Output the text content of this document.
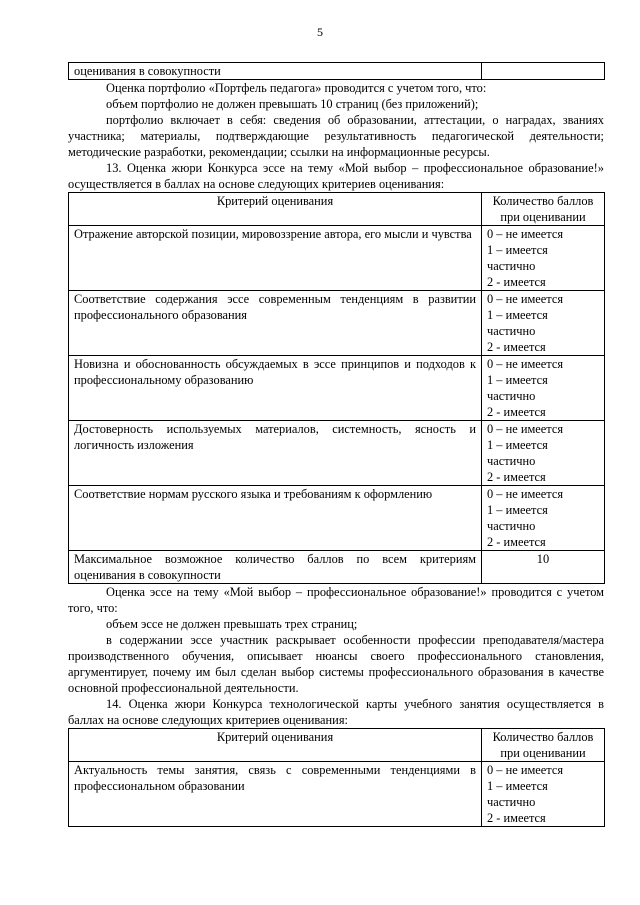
5
оценивания в совокупности	

Оценка портфолио «Портфель педагога» проводится с учетом того, что:

объем портфолио не должен превышать 10 страниц (без приложений);

портфолио включает в себя: сведения об образовании, аттестации, о наградах, званиях участника; материалы, подтверждающие результативность педагогической деятельности; методические разработки, рекомендации; ссылки на информационные ресурсы.

13. Оценка жюри Конкурса эссе на тему «Мой выбор – профессиональное образование!» осуществляется в баллах на основе следующих критериев оценивания:

Критерий оценивания	Количество баллов
при оценивании

Отражение авторской позиции, мировоззрение автора, его мысли и чувства	0 – не имеется
1 – имеется
частично
2 - имеется

Соответствие содержания эссе современным тенденциям в развитии профессионального образования	0 – не имеется
1 – имеется
частично
2 - имеется

Новизна и обоснованность обсуждаемых в эссе принципов и подходов к профессиональному образованию	0 – не имеется
1 – имеется
частично
2 - имеется

Достоверность используемых материалов, системность, ясность и логичность изложения	0 – не имеется
1 – имеется
частично
2 - имеется

Соответствие нормам русского языка и требованиям к оформлению	0 – не имеется
1 – имеется
частично
2 - имеется

Максимальное возможное количество баллов по всем критериям оценивания в совокупности	10

Оценка эссе на тему «Мой выбор – профессиональное образование!» проводится с учетом того, что:

объем эссе не должен превышать трех страниц;

в содержании эссе участник раскрывает особенности профессии преподавателя/мастера производственного обучения, описывает нюансы своего профессионального становления, аргументирует, почему им был сделан выбор системы профессионального образования в качестве основной профессиональной деятельности.

14. Оценка жюри Конкурса технологической карты учебного занятия осуществляется в баллах на основе следующих критериев оценивания:

Критерий оценивания	Количество баллов
при оценивании

Актуальность темы занятия, связь с современными тенденциями в профессиональном образовании	0 – не имеется
1 – имеется
частично
2 - имеется
